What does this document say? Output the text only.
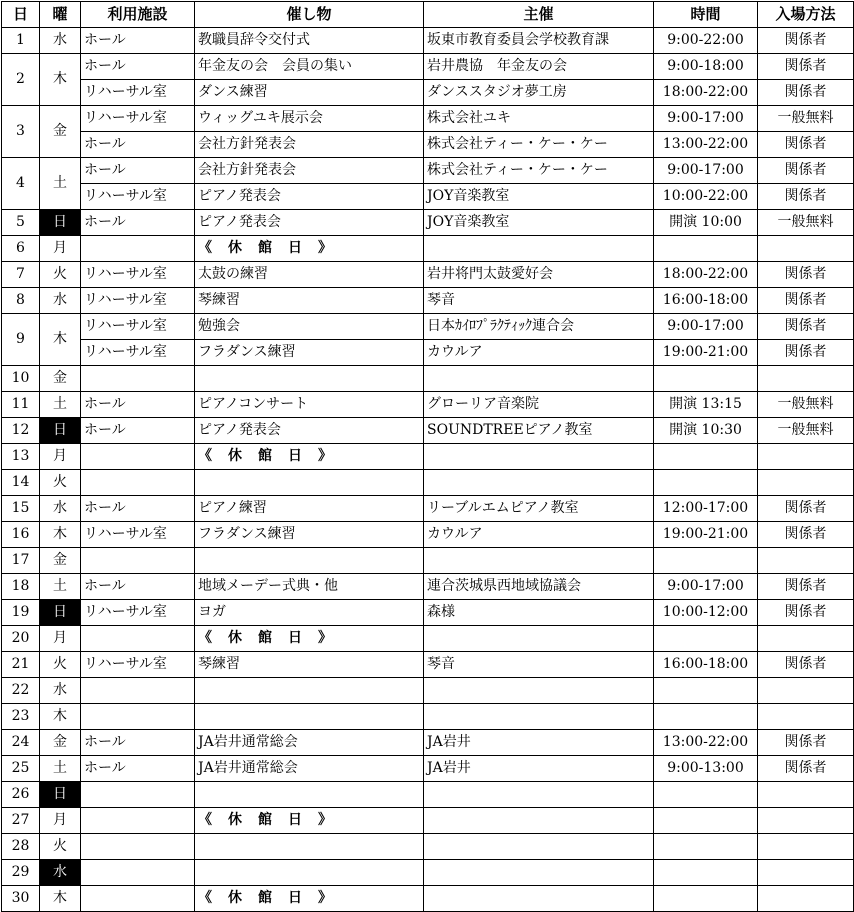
日	曜	利用施設	催し物	主催	時間	入場方法
1	水	ホール	教職員辞令交付式	坂東市教育委員会学校教育課	9:00-22:00	関係者
2	木	ホール	年金友の会　会員の集い	岩井農協　年金友の会	9:00-18:00	関係者
		リハーサル室	ダンス練習	ダンススタジオ夢工房	18:00-22:00	関係者
3	金	リハーサル室	ウィッグユキ展示会	株式会社ユキ	9:00-17:00	一般無料
		ホール	会社方針発表会	株式会社ティー・ケー・ケー	13:00-22:00	関係者
4	土	ホール	会社方針発表会	株式会社ティー・ケー・ケー	9:00-17:00	関係者
		リハーサル室	ピアノ発表会	JOY音楽教室	10:00-22:00	関係者
5	日	ホール	ピアノ発表会	JOY音楽教室	開演 10:00	一般無料
6	月		《　休　館　日　》			
7	火	リハーサル室	太鼓の練習	岩井将門太鼓愛好会	18:00-22:00	関係者
8	水	リハーサル室	琴練習	琴音	16:00-18:00	関係者
9	木	リハーサル室	勉強会	日本ｶｲﾛﾌﾟﾗｸﾃｨｯｸ連合会	9:00-17:00	関係者
		リハーサル室	フラダンス練習	カウルア	19:00-21:00	関係者
10	金					
11	土	ホール	ピアノコンサート	グローリア音楽院	開演 13:15	一般無料
12	日	ホール	ピアノ発表会	SOUNDTREEピアノ教室	開演 10:30	一般無料
13	月		《　休　館　日　》			
14	火					
15	水	ホール	ピアノ練習	リーブルエムピアノ教室	12:00-17:00	関係者
16	木	リハーサル室	フラダンス練習	カウルア	19:00-21:00	関係者
17	金					
18	土	ホール	地域メーデー式典・他	連合茨城県西地域協議会	9:00-17:00	関係者
19	日	リハーサル室	ヨガ	森様	10:00-12:00	関係者
20	月		《　休　館　日　》			
21	火	リハーサル室	琴練習	琴音	16:00-18:00	関係者
22	水					
23	木					
24	金	ホール	JA岩井通常総会	JA岩井	13:00-22:00	関係者
25	土	ホール	JA岩井通常総会	JA岩井	9:00-13:00	関係者
26	日					
27	月		《　休　館　日　》			
28	火					
29	水					
30	木		《　休　館　日　》			
